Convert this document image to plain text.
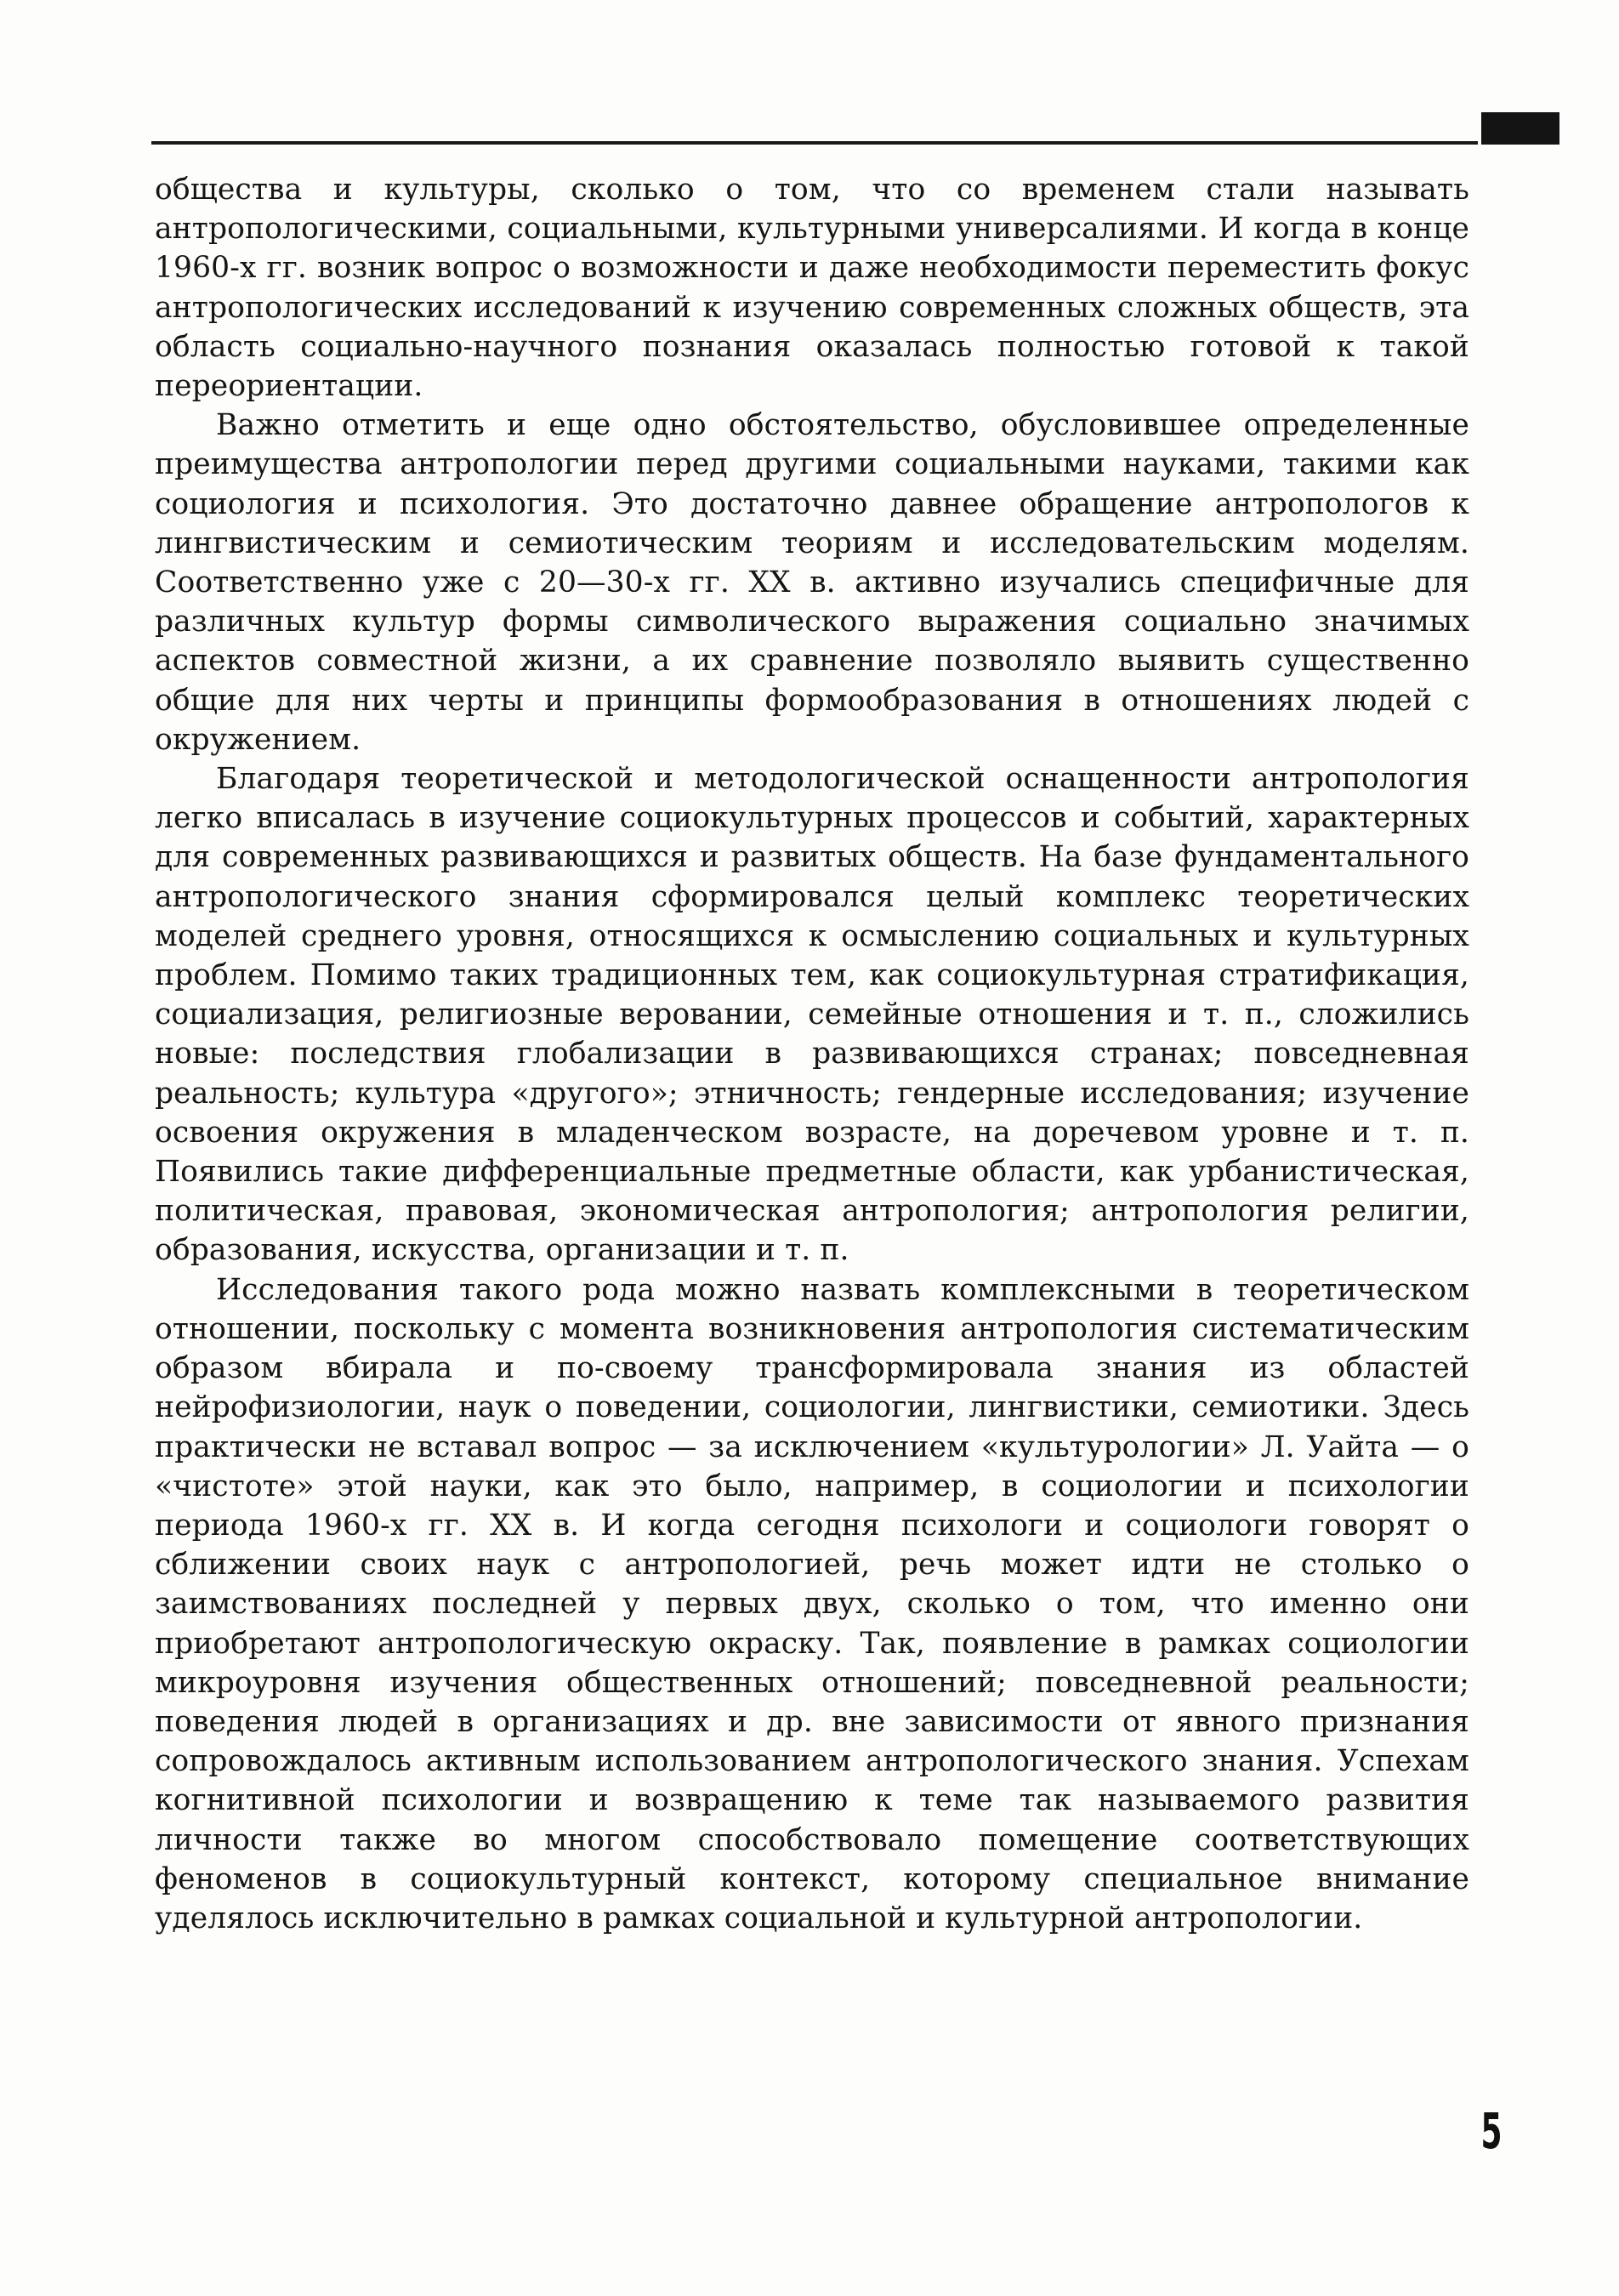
общества и культуры, сколько о том, что со временем стали называть антропологическими, социальными, культурными универсалиями. И когда в конце 1960-х гг. возник вопрос о возможности и даже необходимости переместить фокус антропологических исследований к изучению современных сложных обществ, эта область социально-научного познания оказалась полностью готовой к такой переориентации.

Важно отметить и еще одно обстоятельство, обусловившее определенные преимущества антропологии перед другими социальными науками, такими как социология и психология. Это достаточно давнее обращение антропологов к лингвистическим и семиотическим теориям и исследовательским моделям. Соответственно уже с 20—30-х гг. XX в. активно изучались специфичные для различных культур формы символического выражения социально значимых аспектов совместной жизни, а их сравнение позволяло выявить существенно общие для них черты и принципы формообразования в отношениях людей с окружением.

Благодаря теоретической и методологической оснащенности антропология легко вписалась в изучение социокультурных процессов и событий, характерных для современных развивающихся и развитых обществ. На базе фундаментального антропологического знания сформировался целый комплекс теоретических моделей среднего уровня, относящихся к осмыслению социальных и культурных проблем. Помимо таких традиционных тем, как социокультурная стратификация, социализация, религиозные веровании, семейные отношения и т. п., сложились новые: последствия глобализации в развивающихся странах; повседневная реальность; культура «другого»; этничность; гендерные исследования; изучение освоения окружения в младенческом возрасте, на доречевом уровне и т. п. Появились такие дифференциальные предметные области, как урбанистическая, политическая, правовая, экономическая антропология; антропология религии, образования, искусства, организации и т. п.

Исследования такого рода можно назвать комплексными в теоретическом отношении, поскольку с момента возникновения антропология систематическим образом вбирала и по-своему трансформировала знания из областей нейрофизиологии, наук о поведении, социологии, лингвистики, семиотики. Здесь практически не вставал вопрос — за исключением «культурологии» Л. Уайта — о «чистоте» этой науки, как это было, например, в социологии и психологии периода 1960-х гг. XX в. И когда сегодня психологи и социологи говорят о сближении своих наук с антропологией, речь может идти не столько о заимствованиях последней у первых двух, сколько о том, что именно они приобретают антропологическую окраску. Так, появление в рамках социологии микроуровня изучения общественных отношений; повседневной реальности; поведения людей в организациях и др. вне зависимости от явного признания сопровождалось активным использованием антропологического знания. Успехам когнитивной психологии и возвращению к теме так называемого развития личности также во многом способствовало помещение соответствующих феноменов в социокультурный контекст, которому специальное внимание уделялось исключительно в рамках социальной и культурной антропологии.

5
